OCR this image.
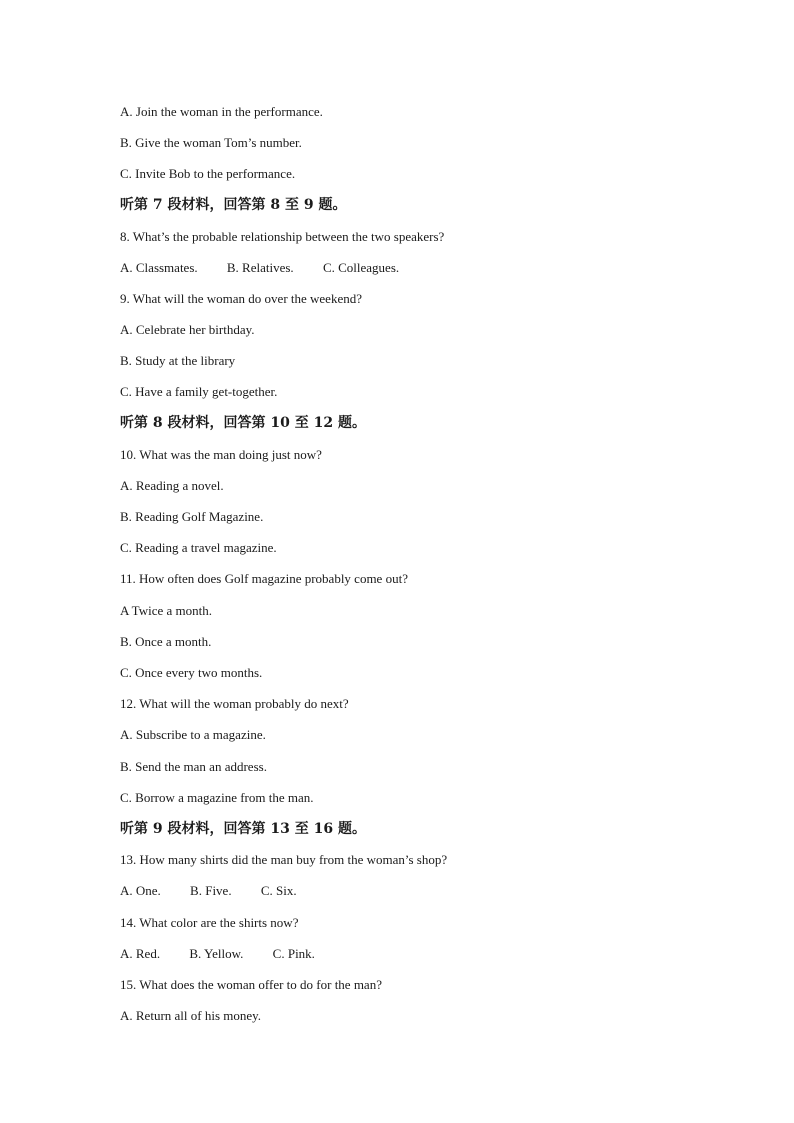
A. Join the woman in the performance.
B. Give the woman Tom’s number.
C. Invite Bob to the performance.
听第 7 段材料，回答第 8 至 9 题。
8. What’s the probable relationship between the two speakers?
A. Classmates. B. Relatives. C. Colleagues.
9. What will the woman do over the weekend?
A. Celebrate her birthday.
B. Study at the library
C. Have a family get-together.
听第 8 段材料，回答第 10 至 12 题。
10. What was the man doing just now?
A. Reading a novel.
B. Reading Golf Magazine.
C. Reading a travel magazine.
11. How often does Golf magazine probably come out?
A Twice a month.
B. Once a month.
C. Once every two months.
12. What will the woman probably do next?
A. Subscribe to a magazine.
B. Send the man an address.
C. Borrow a magazine from the man.
听第 9 段材料，回答第 13 至 16 题。
13. How many shirts did the man buy from the woman’s shop?
A. One. B. Five. C. Six.
14. What color are the shirts now?
A. Red. B. Yellow. C. Pink.
15. What does the woman offer to do for the man?
A. Return all of his money.
